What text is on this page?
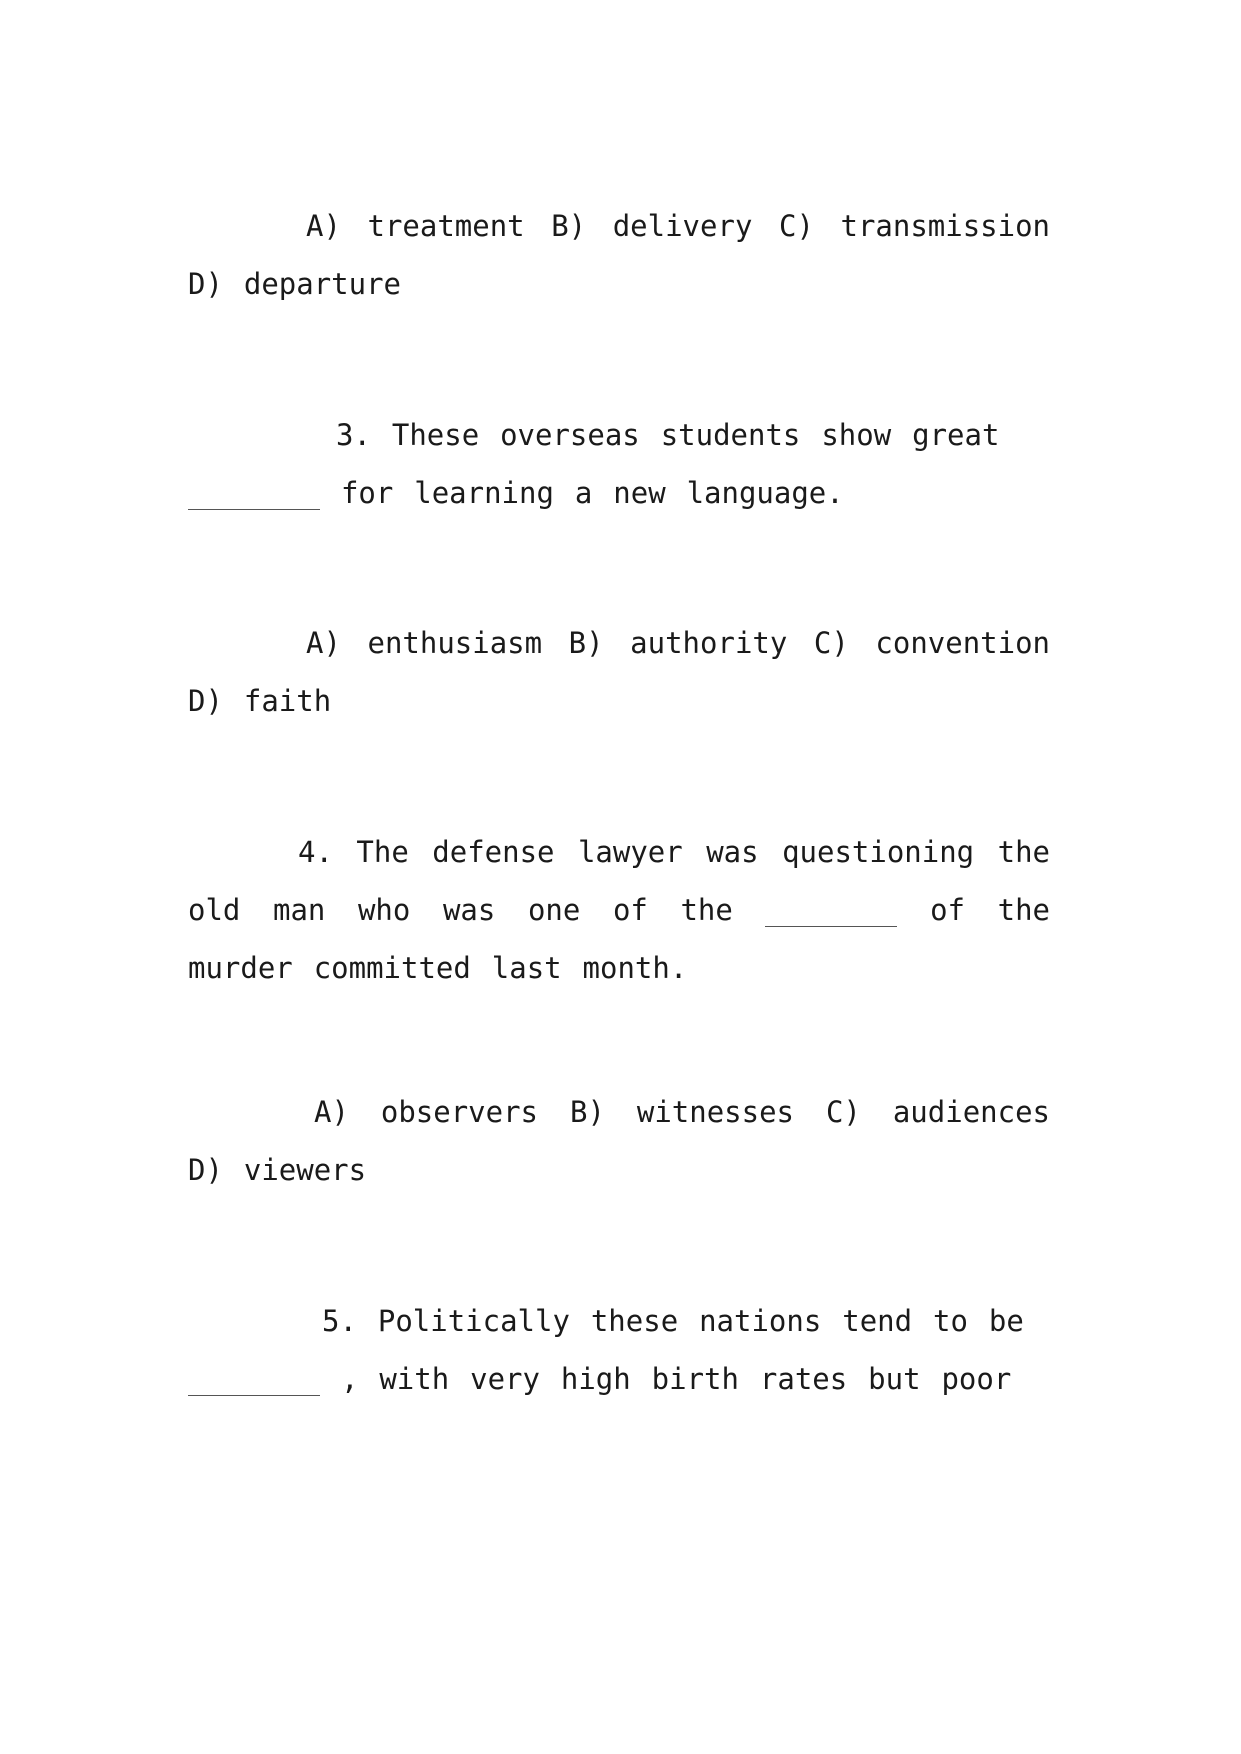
A) treatment B) delivery C) transmission D) departure

3. These overseas students show great
for learning a new language.

A) enthusiasm B) authority C) convention D) faith

4. The defense lawyer was questioning the old man who was one of the	of the murder committed last month.

A) observers B) witnesses C) audiences D) viewers

5. Politically these nations tend to be
, with very high birth rates but poor
